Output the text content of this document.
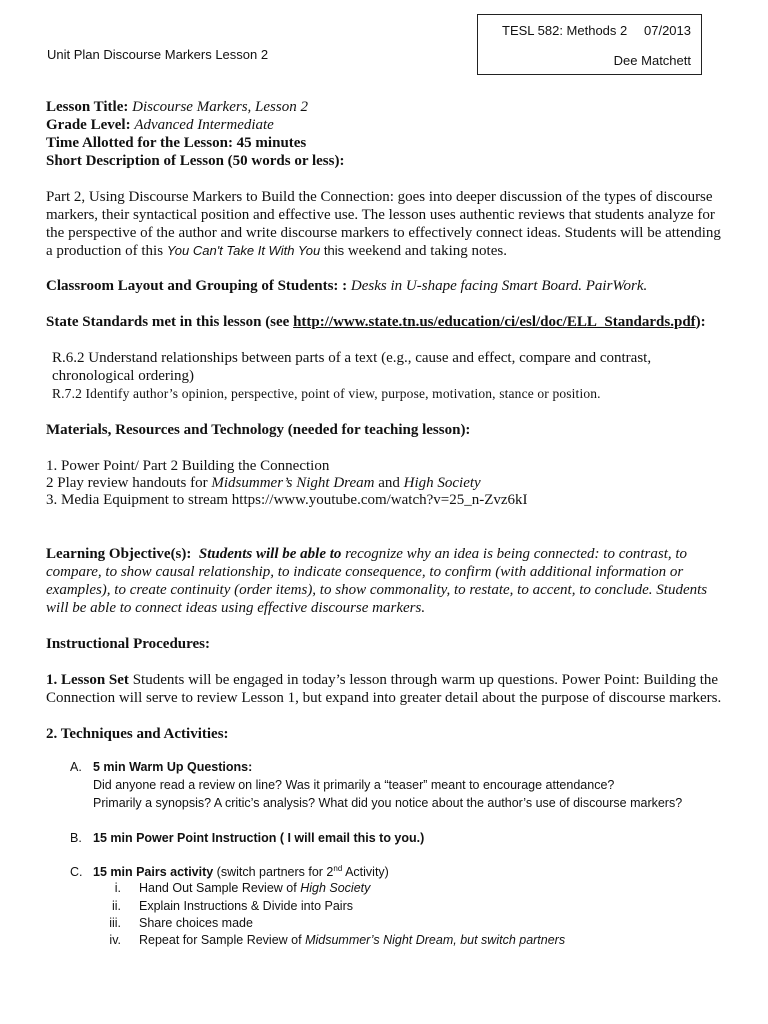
TESL 582: Methods 2 07/2013
Dee Matchett
Unit Plan Discourse Markers Lesson 2
Lesson Title: Discourse Markers, Lesson 2
Grade Level: Advanced Intermediate
Time Allotted for the Lesson: 45 minutes
Short Description of Lesson (50 words or less):
Part 2, Using Discourse Markers to Build the Connection: goes into deeper discussion of the types of discourse
markers, their syntactical position and effective use. The lesson uses authentic reviews that students analyze for
the perspective of the author and write discourse markers to effectively connect ideas. Students will be attending
a production of this You Can't Take It With You this weekend and taking notes.
Classroom Layout and Grouping of Students: : Desks in U-shape facing Smart Board. PairWork.
State Standards met in this lesson (see http://www.state.tn.us/education/ci/esl/doc/ELL_Standards.pdf):
R.6.2 Understand relationships between parts of a text (e.g., cause and effect, compare and contrast,
chronological ordering)
R.7.2 Identify author’s opinion, perspective, point of view, purpose, motivation, stance or position.
Materials, Resources and Technology (needed for teaching lesson):
1. Power Point/ Part 2 Building the Connection
2 Play review handouts for Midsummer’s Night Dream and High Society
3. Media Equipment to stream https://www.youtube.com/watch?v=25_n-Zvz6kI
Learning Objective(s): Students will be able to recognize why an idea is being connected: to contrast, to
compare, to show causal relationship, to indicate consequence, to confirm (with additional information or
examples), to create continuity (order items), to show commonality, to restate, to accent, to conclude. Students
will be able to connect ideas using effective discourse markers.
Instructional Procedures:
1. Lesson Set Students will be engaged in today’s lesson through warm up questions. Power Point: Building the
Connection will serve to review Lesson 1, but expand into greater detail about the purpose of discourse markers.
2. Techniques and Activities:
A. 5 min Warm Up Questions:
Did anyone read a review on line? Was it primarily a “teaser” meant to encourage attendance?
Primarily a synopsis? A critic’s analysis? What did you notice about the author’s use of discourse markers?
B. 15 min Power Point Instruction ( I will email this to you.)
C. 15 min Pairs activity (switch partners for 2nd Activity)
i. Hand Out Sample Review of High Society
ii. Explain Instructions & Divide into Pairs
iii. Share choices made
iv. Repeat for Sample Review of Midsummer’s Night Dream, but switch partners
